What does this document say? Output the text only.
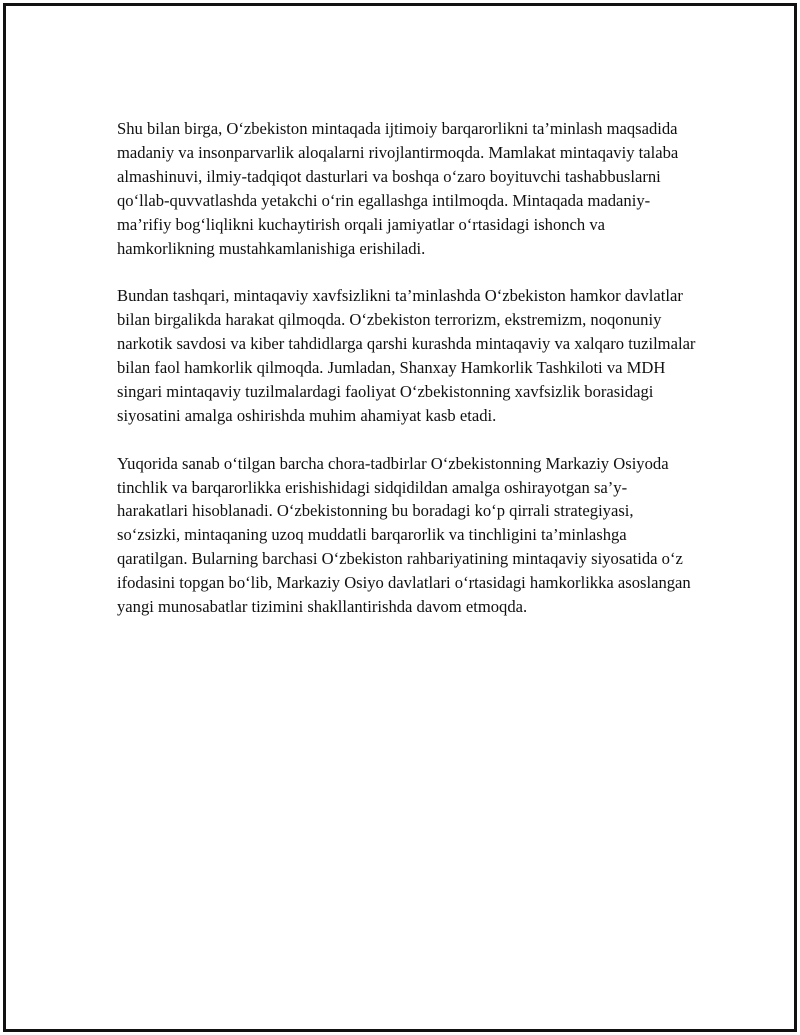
Shu bilan birga, O‘zbekiston mintaqada ijtimoiy barqarorlikni ta’minlash maqsadida madaniy va insonparvarlik aloqalarni rivojlantirmoqda. Mamlakat mintaqaviy talaba almashinuvi, ilmiy-tadqiqot dasturlari va boshqa o‘zaro boyituvchi tashabbuslarni qo‘llab-quvvatlashda yetakchi o‘rin egallashga intilmoqda. Mintaqada madaniy-ma’rifiy bog‘liqlikni kuchaytirish orqali jamiyatlar o‘rtasidagi ishonch va hamkorlikning mustahkamlanishiga erishiladi.

Bundan tashqari, mintaqaviy xavfsizlikni ta’minlashda O‘zbekiston hamkor davlatlar bilan birgalikda harakat qilmoqda. O‘zbekiston terrorizm, ekstremizm, noqonuniy narkotik savdosi va kiber tahdidlarga qarshi kurashda mintaqaviy va xalqaro tuzilmalar bilan faol hamkorlik qilmoqda. Jumladan, Shanxay Hamkorlik Tashkiloti va MDH singari mintaqaviy tuzilmalardagi faoliyat O‘zbekistonning xavfsizlik borasidagi siyosatini amalga oshirishda muhim ahamiyat kasb etadi.

Yuqorida sanab o‘tilgan barcha chora-tadbirlar O‘zbekistonning Markaziy Osiyoda tinchlik va barqarorlikka erishishidagi sidqidildan amalga oshirayotgan sa’y-harakatlari hisoblanadi. O‘zbekistonning bu boradagi ko‘p qirrali strategiyasi, so‘zsizki, mintaqaning uzoq muddatli barqarorlik va tinchligini ta’minlashga qaratilgan. Bularning barchasi O‘zbekiston rahbariyatining mintaqaviy siyosatida o‘z ifodasini topgan bo‘lib, Markaziy Osiyo davlatlari o‘rtasidagi hamkorlikka asoslangan yangi munosabatlar tizimini shakllantirishda davom etmoqda.
